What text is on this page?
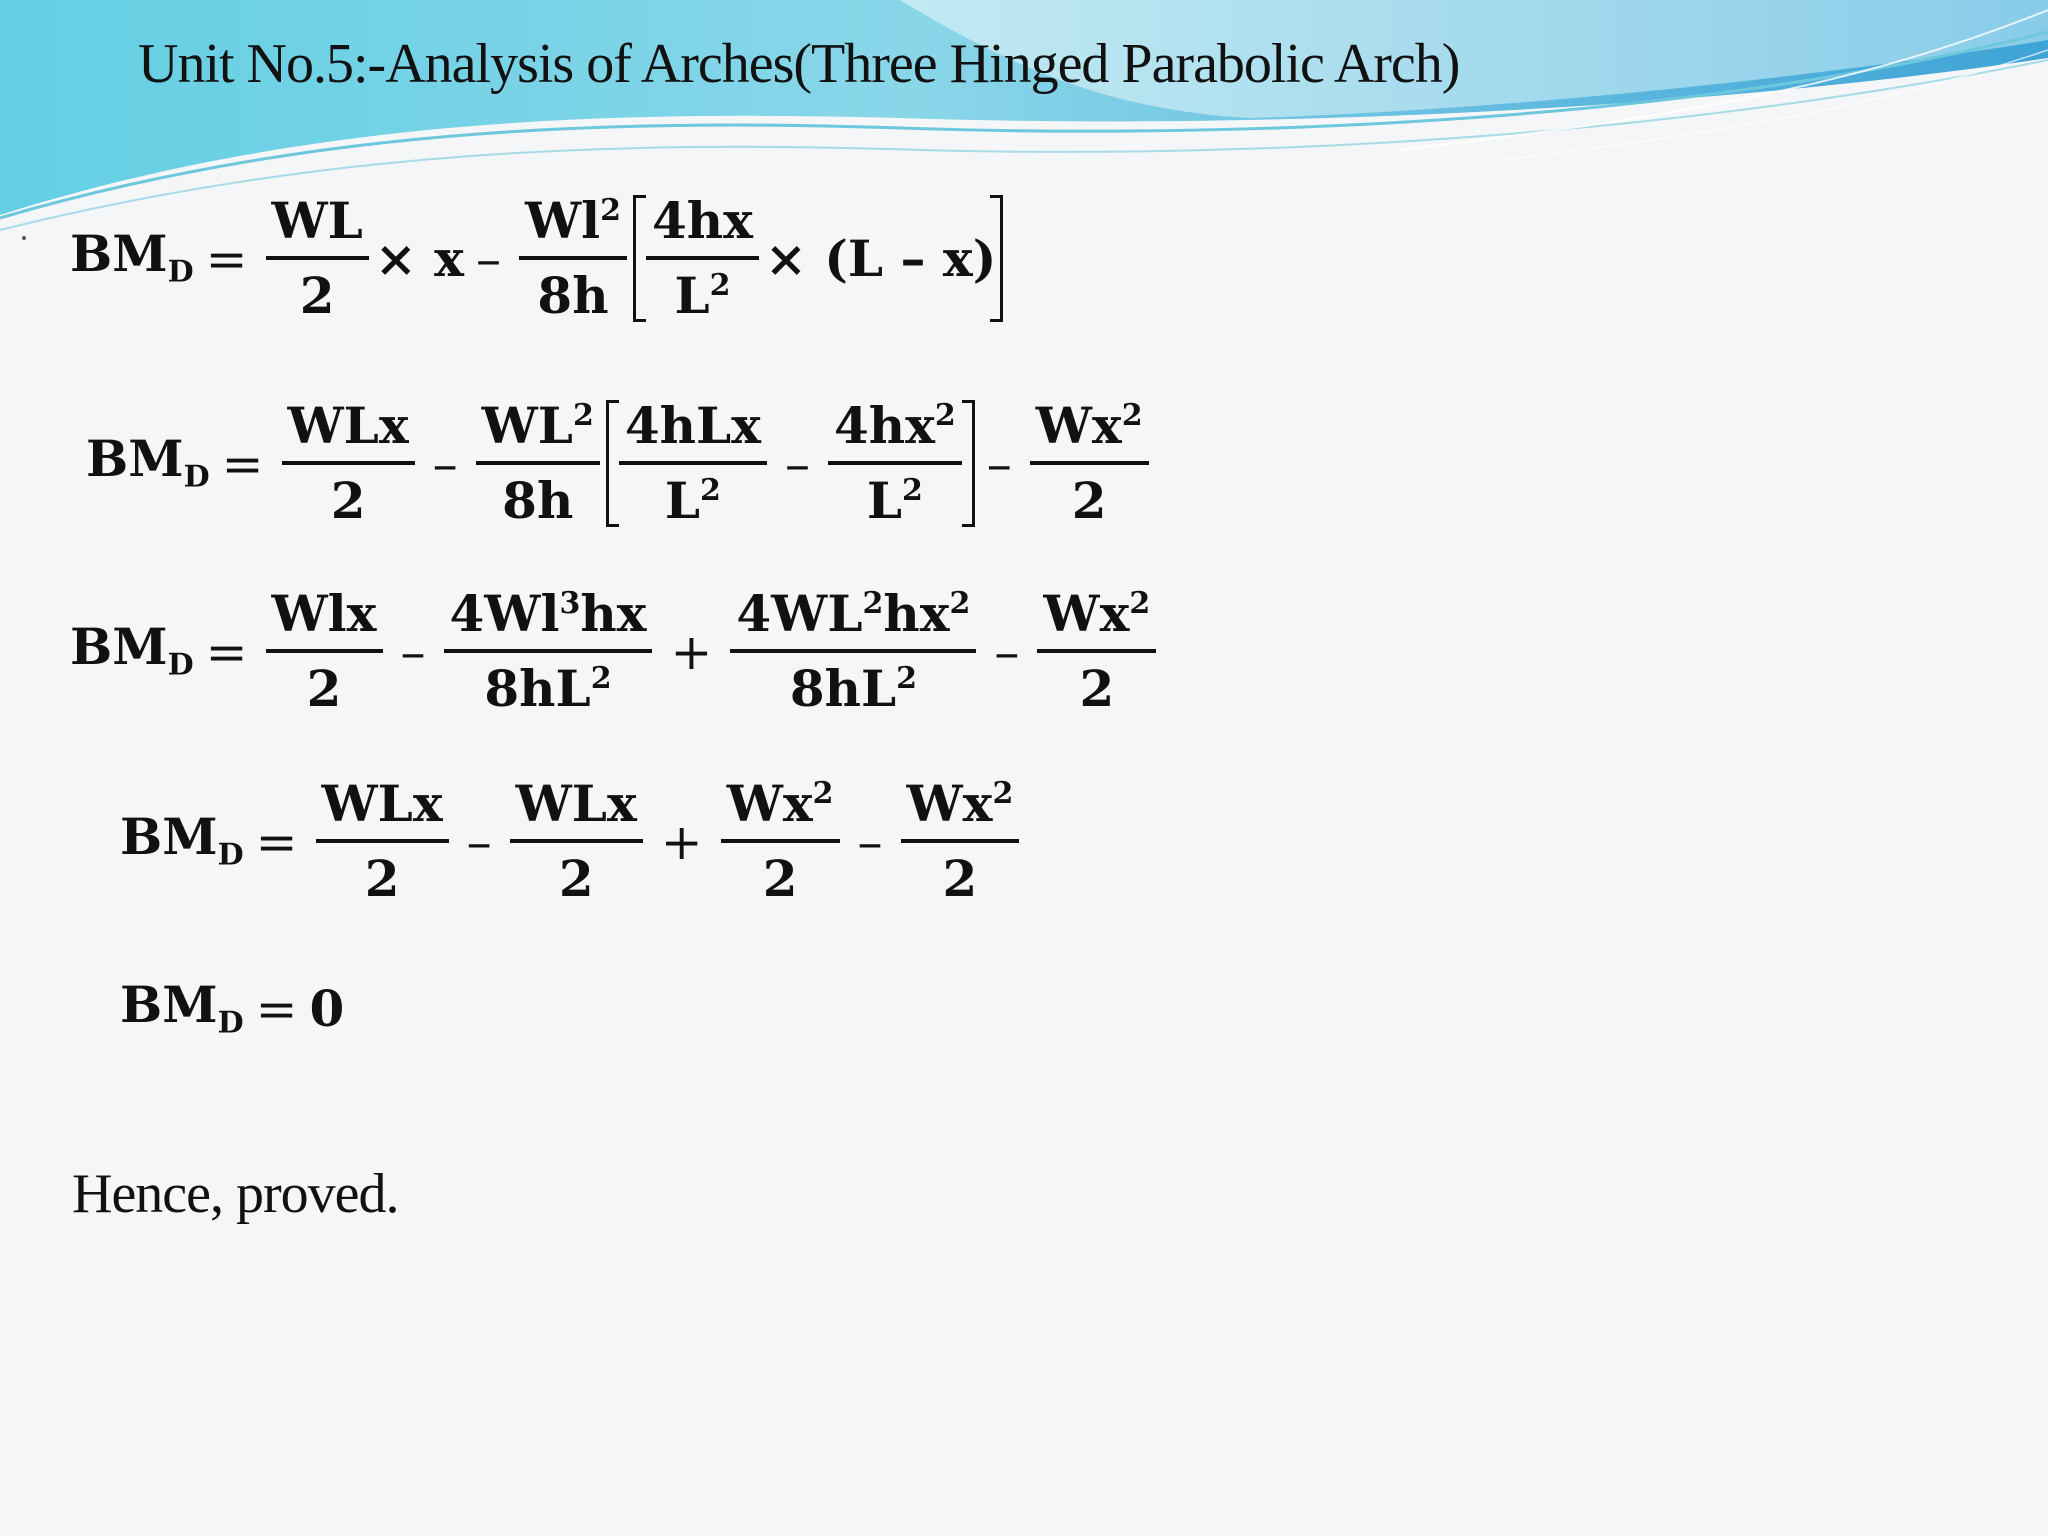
Unit No.5:-Analysis of Arches(Three Hinged Parabolic Arch)
$BM_D = \frac{WL}{2} \times x - \frac{Wl^2}{8h} \frac{4hx}{L^2} \times (L - x)$
$BM_D = \frac{\text{WLx}}{2} - \frac{WL^2}{8h} \frac{\text{4hLx}}{L^2} - \frac{4hx^2}{L^2} - \frac{Wx^2}{2}$
$BM_D = \frac{\text{Wlx}}{2} - \frac{4Wl^3hx}{8hL^2} + \frac{4WL^2hx^2}{8hL^2} - \frac{Wx^2}{2}$
$BM_D = \frac{\text{WLx}}{2} - \frac{\text{WLx}}{2} + \frac{Wx^2}{2} - \frac{Wx^2}{2}$
$BM_D = 0$

Hence, proved.
